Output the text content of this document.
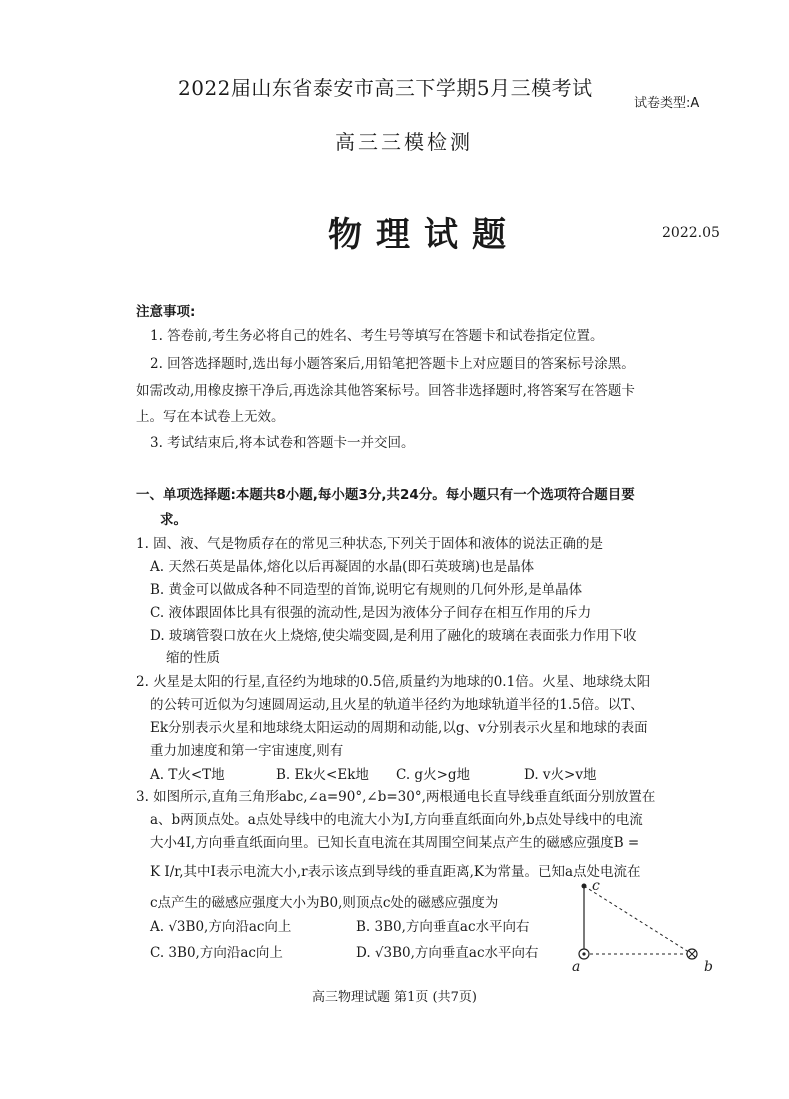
2022届山东省泰安市高三下学期5月三模考试
试卷类型:A
高三三模检测
物理试题	2022.05
注意事项:
1. 答卷前,考生务必将自己的姓名、考生号等填写在答题卡和试卷指定位置。
2. 回答选择题时,选出每小题答案后,用铅笔把答题卡上对应题目的答案标号涂黑。
如需改动,用橡皮擦干净后,再选涂其他答案标号。回答非选择题时,将答案写在答题卡
上。写在本试卷上无效。
3. 考试结束后,将本试卷和答题卡一并交回。
一、单项选择题:本题共8小题,每小题3分,共24分。每小题只有一个选项符合题目要
求。
1. 固、液、气是物质存在的常见三种状态,下列关于固体和液体的说法正确的是
A. 天然石英是晶体,熔化以后再凝固的水晶(即石英玻璃)也是晶体
B. 黄金可以做成各种不同造型的首饰,说明它有规则的几何外形,是单晶体
C. 液体跟固体比具有很强的流动性,是因为液体分子间存在相互作用的斥力
D. 玻璃管裂口放在火上烧熔,使尖端变圆,是利用了融化的玻璃在表面张力作用下收
缩的性质
2. 火星是太阳的行星,直径约为地球的0.5倍,质量约为地球的0.1倍。火星、地球绕太阳
的公转可近似为匀速圆周运动,且火星的轨道半径约为地球轨道半径的1.5倍。以T、
Ek分别表示火星和地球绕太阳运动的周期和动能,以g、v分别表示火星和地球的表面
重力加速度和第一宇宙速度,则有
A. T火<T地	B. Ek火<Ek地 C. g火>g地	D. v火>v地
3. 如图所示,直角三角形abc,∠a=90°,∠b=30°,两根通电长直导线垂直纸面分别放置在
a、b两顶点处。a点处导线中的电流大小为I,方向垂直纸面向外,b点处导线中的电流
大小4I,方向垂直纸面向里。已知长直电流在其周围空间某点产生的磁感应强度B =
K I/r,其中I表示电流大小,r表示该点到导线的垂直距离,K为常量。已知a点处电流在
c点产生的磁感应强度大小为B0,则顶点c处的磁感应强度为
A. √3B0,方向沿ac向上	B. 3B0,方向垂直ac水平向右
C. 3B0,方向沿ac向上	D. √3B0,方向垂直ac水平向右
c
a	b
高三物理试题 第1页 (共7页)
